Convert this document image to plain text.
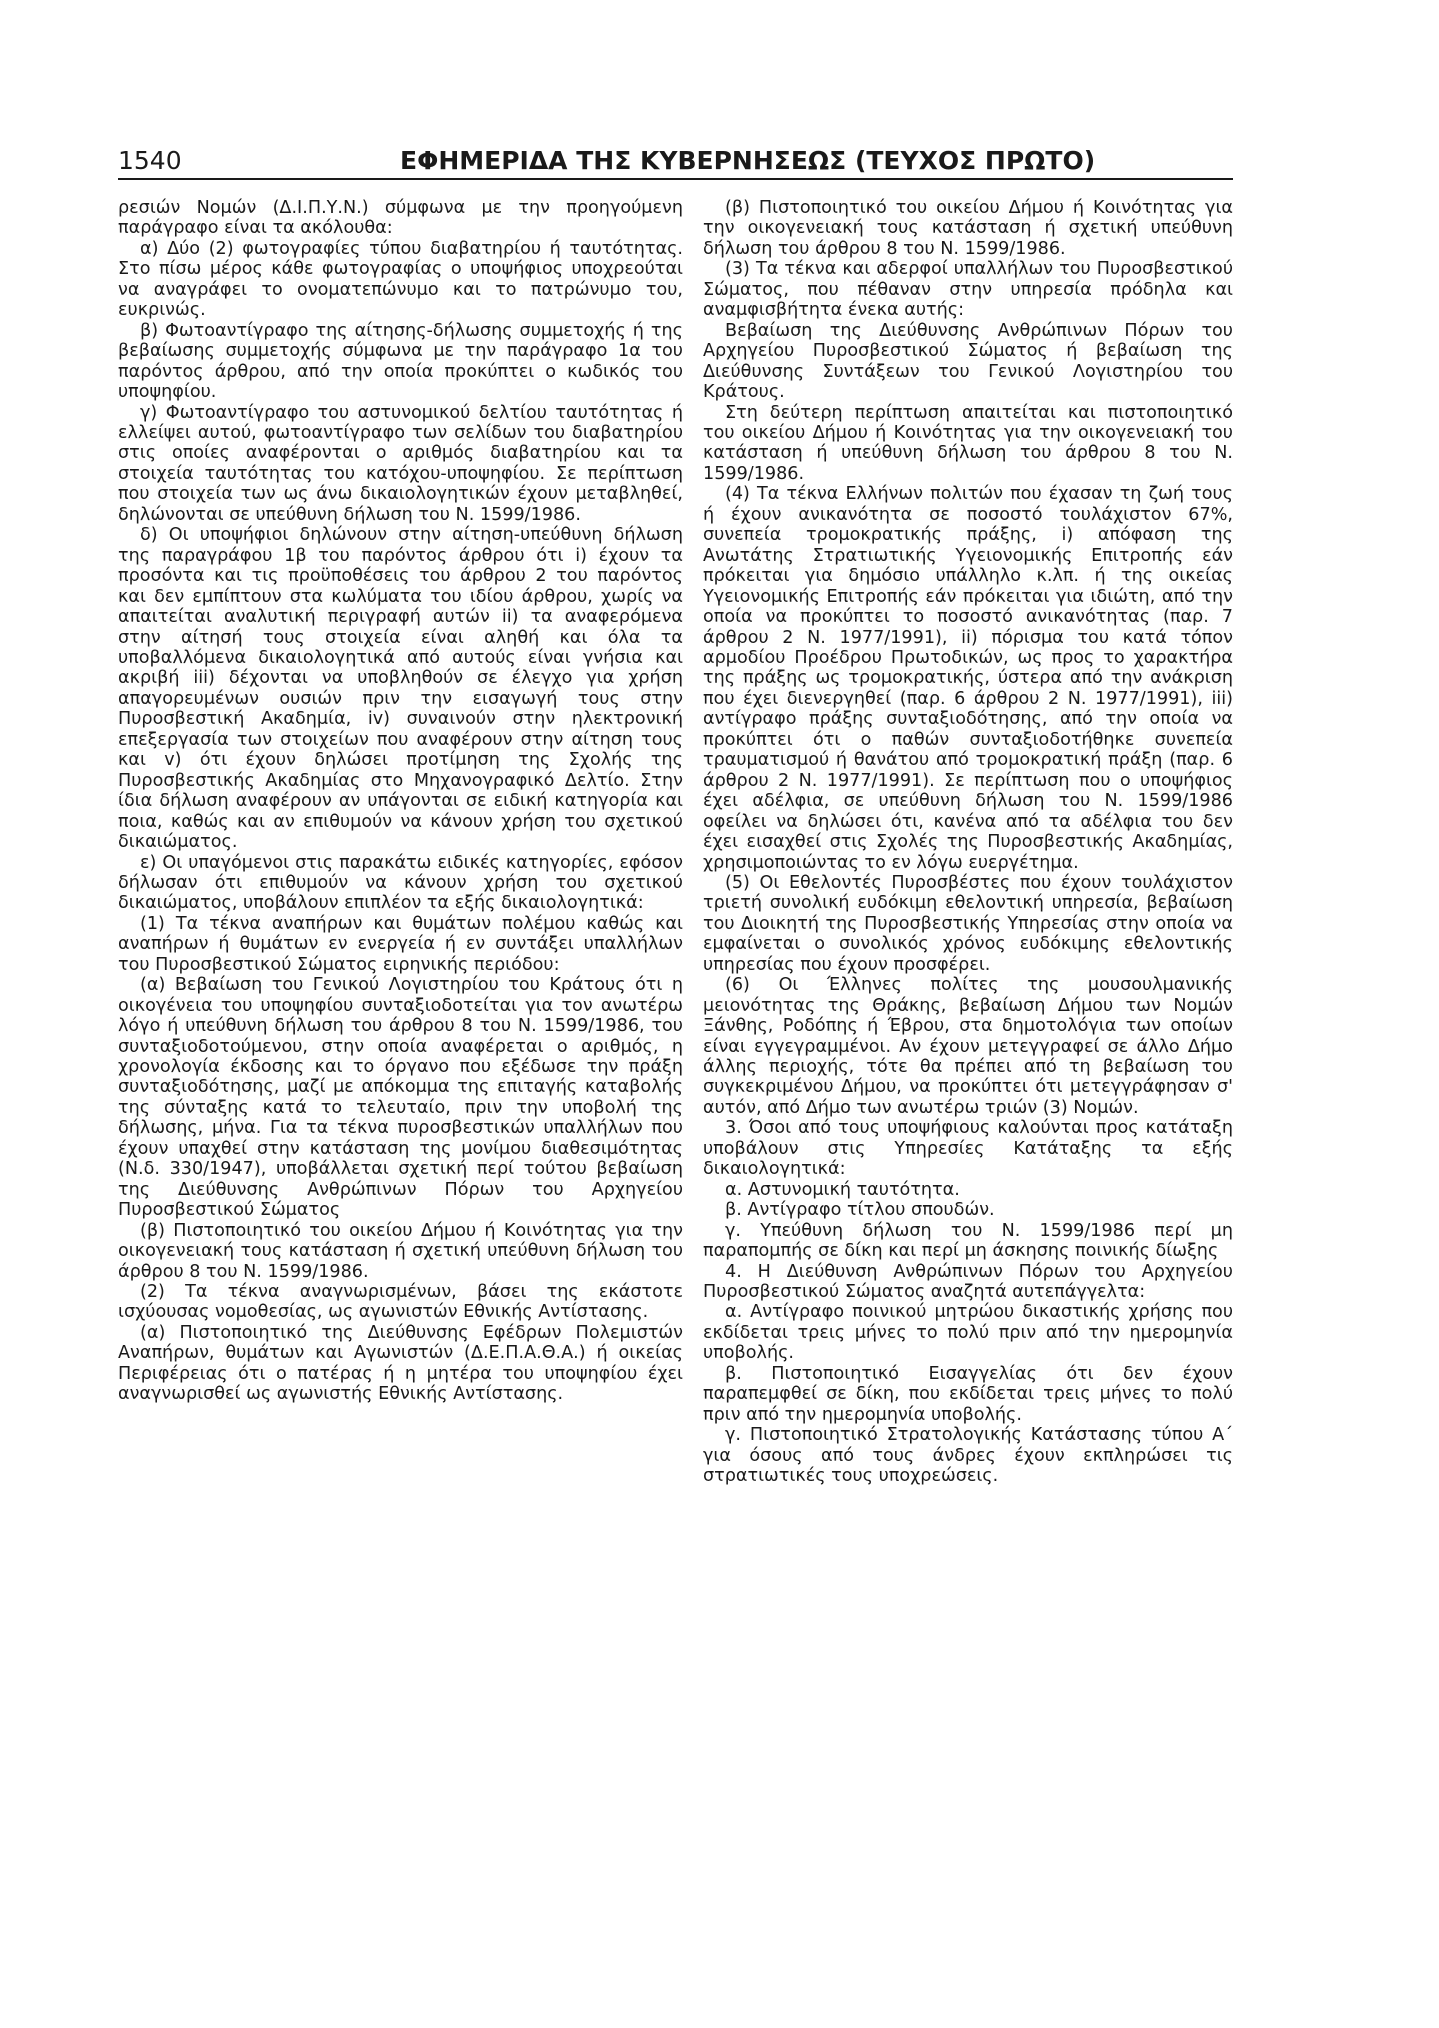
1540	ΕΦΗΜΕΡΙΔΑ ΤΗΣ ΚΥΒΕΡΝΗΣΕΩΣ (ΤΕΥΧΟΣ ΠΡΩΤΟ)

ρεσιών Νομών (Δ.Ι.Π.Υ.Ν.) σύμφωνα με την προηγούμενη παράγραφο είναι τα ακόλουθα:

α) Δύο (2) φωτογραφίες τύπου διαβατηρίου ή ταυτότητας. Στο πίσω μέρος κάθε φωτογραφίας ο υποψήφιος υποχρεούται να αναγράφει το ονοματεπώνυμο και το πατρώνυμο του, ευκρινώς.

β) Φωτοαντίγραφο της αίτησης-δήλωσης συμμετοχής ή της βεβαίωσης συμμετοχής σύμφωνα με την παράγραφο 1α του παρόντος άρθρου, από την οποία προκύπτει ο κωδικός του υποψηφίου.

γ) Φωτοαντίγραφο του αστυνομικού δελτίου ταυτότητας ή ελλείψει αυτού, φωτοαντίγραφο των σελίδων του διαβατηρίου στις οποίες αναφέρονται ο αριθμός διαβατηρίου και τα στοιχεία ταυτότητας του κατόχου-υποψηφίου. Σε περίπτωση που στοιχεία των ως άνω δικαιολογητικών έχουν μεταβληθεί, δηλώνονται σε υπεύθυνη δήλωση του Ν. 1599/1986.

δ) Οι υποψήφιοι δηλώνουν στην αίτηση-υπεύθυνη δήλωση της παραγράφου 1β του παρόντος άρθρου ότι i) έχουν τα προσόντα και τις προϋποθέσεις του άρθρου 2 του παρόντος και δεν εμπίπτουν στα κωλύματα του ιδίου άρθρου, χωρίς να απαιτείται αναλυτική περιγραφή αυτών ii) τα αναφερόμενα στην αίτησή τους στοιχεία είναι αληθή και όλα τα υποβαλλόμενα δικαιολογητικά από αυτούς είναι γνήσια και ακριβή iii) δέχονται να υποβληθούν σε έλεγχο για χρήση απαγορευμένων ουσιών πριν την εισαγωγή τους στην Πυροσβεστική Ακαδημία, iv) συναινούν στην ηλεκτρονική επεξεργασία των στοιχείων που αναφέρουν στην αίτηση τους και v) ότι έχουν δηλώσει προτίμηση της Σχολής της Πυροσβεστικής Ακαδημίας στο Μηχανογραφικό Δελτίο. Στην ίδια δήλωση αναφέρουν αν υπάγονται σε ειδική κατηγορία και ποια, καθώς και αν επιθυμούν να κάνουν χρήση του σχετικού δικαιώματος.

ε) Οι υπαγόμενοι στις παρακάτω ειδικές κατηγορίες, εφόσον δήλωσαν ότι επιθυμούν να κάνουν χρήση του σχετικού δικαιώματος, υποβάλουν επιπλέον τα εξής δικαιολογητικά:

(1) Τα τέκνα αναπήρων και θυμάτων πολέμου καθώς και αναπήρων ή θυμάτων εν ενεργεία ή εν συντάξει υπαλλήλων του Πυροσβεστικού Σώματος ειρηνικής περιόδου:

(α) Βεβαίωση του Γενικού Λογιστηρίου του Κράτους ότι η οικογένεια του υποψηφίου συνταξιοδοτείται για τον ανωτέρω λόγο ή υπεύθυνη δήλωση του άρθρου 8 του Ν. 1599/1986, του συνταξιοδοτούμενου, στην οποία αναφέρεται ο αριθμός, η χρονολογία έκδοσης και το όργανο που εξέδωσε την πράξη συνταξιοδότησης, μαζί με απόκομμα της επιταγής καταβολής της σύνταξης κατά το τελευταίο, πριν την υποβολή της δήλωσης, μήνα. Για τα τέκνα πυροσβεστικών υπαλλήλων που έχουν υπαχθεί στην κατάσταση της μονίμου διαθεσιμότητας (Ν.δ. 330/1947), υποβάλλεται σχετική περί τούτου βεβαίωση της Διεύθυνσης Ανθρώπινων Πόρων του Αρχηγείου Πυροσβεστικού Σώματος

(β) Πιστοποιητικό του οικείου Δήμου ή Κοινότητας για την οικογενειακή τους κατάσταση ή σχετική υπεύθυνη δήλωση του άρθρου 8 του Ν. 1599/1986.

(2) Τα τέκνα αναγνωρισμένων, βάσει της εκάστοτε ισχύουσας νομοθεσίας, ως αγωνιστών Εθνικής Αντίστασης.

(α) Πιστοποιητικό της Διεύθυνσης Εφέδρων Πολεμιστών Αναπήρων, θυμάτων και Αγωνιστών (Δ.Ε.Π.Α.Θ.Α.) ή οικείας Περιφέρειας ότι ο πατέρας ή η μητέρα του υποψηφίου έχει αναγνωρισθεί ως αγωνιστής Εθνικής Αντίστασης.

(β) Πιστοποιητικό του οικείου Δήμου ή Κοινότητας για την οικογενειακή τους κατάσταση ή σχετική υπεύθυνη δήλωση του άρθρου 8 του Ν. 1599/1986.

(3) Τα τέκνα και αδερφοί υπαλλήλων του Πυροσβεστικού Σώματος, που πέθαναν στην υπηρεσία πρόδηλα και αναμφισβήτητα ένεκα αυτής:

Βεβαίωση της Διεύθυνσης Ανθρώπινων Πόρων του Αρχηγείου Πυροσβεστικού Σώματος ή βεβαίωση της Διεύθυνσης Συντάξεων του Γενικού Λογιστηρίου του Κράτους.

Στη δεύτερη περίπτωση απαιτείται και πιστοποιητικό του οικείου Δήμου ή Κοινότητας για την οικογενειακή του κατάσταση ή υπεύθυνη δήλωση του άρθρου 8 του Ν. 1599/1986.

(4) Τα τέκνα Ελλήνων πολιτών που έχασαν τη ζωή τους ή έχουν ανικανότητα σε ποσοστό τουλάχιστον 67%, συνεπεία τρομοκρατικής πράξης, i) απόφαση της Ανωτάτης Στρατιωτικής Υγειονομικής Επιτροπής εάν πρόκειται για δημόσιο υπάλληλο κ.λπ. ή της οικείας Υγειονομικής Επιτροπής εάν πρόκειται για ιδιώτη, από την οποία να προκύπτει το ποσοστό ανικανότητας (παρ. 7 άρθρου 2 Ν. 1977/1991), ii) πόρισμα του κατά τόπον αρμοδίου Προέδρου Πρωτοδικών, ως προς το χαρακτήρα της πράξης ως τρομοκρατικής, ύστερα από την ανάκριση που έχει διενεργηθεί (παρ. 6 άρθρου 2 Ν. 1977/1991), iii) αντίγραφο πράξης συνταξιοδότησης, από την οποία να προκύπτει ότι ο παθών συνταξιοδοτήθηκε συνεπεία τραυματισμού ή θανάτου από τρομοκρατική πράξη (παρ. 6 άρθρου 2 Ν. 1977/1991). Σε περίπτωση που ο υποψήφιος έχει αδέλφια, σε υπεύθυνη δήλωση του Ν. 1599/1986 οφείλει να δηλώσει ότι, κανένα από τα αδέλφια του δεν έχει εισαχθεί στις Σχολές της Πυροσβεστικής Ακαδημίας, χρησιμοποιώντας το εν λόγω ευεργέτημα.

(5) Οι Εθελοντές Πυροσβέστες που έχουν τουλάχιστον τριετή συνολική ευδόκιμη εθελοντική υπηρεσία, βεβαίωση του Διοικητή της Πυροσβεστικής Υπηρεσίας στην οποία να εμφαίνεται ο συνολικός χρόνος ευδόκιμης εθελοντικής υπηρεσίας που έχουν προσφέρει.

(6) Οι Έλληνες πολίτες της μουσουλμανικής μειονότητας της Θράκης, βεβαίωση Δήμου των Νομών Ξάνθης, Ροδόπης ή Έβρου, στα δημοτολόγια των οποίων είναι εγγεγραμμένοι. Αν έχουν μετεγγραφεί σε άλλο Δήμο άλλης περιοχής, τότε θα πρέπει από τη βεβαίωση του συγκεκριμένου Δήμου, να προκύπτει ότι μετεγγράφησαν σ' αυτόν, από Δήμο των ανωτέρω τριών (3) Νομών.

3. Όσοι από τους υποψήφιους καλούνται προς κατάταξη υποβάλουν στις Υπηρεσίες Κατάταξης τα εξής δικαιολογητικά:

α. Αστυνομική ταυτότητα.

β. Αντίγραφο τίτλου σπουδών.

γ. Υπεύθυνη δήλωση του Ν. 1599/1986 περί μη παραπομπής σε δίκη και περί μη άσκησης ποινικής δίωξης

4. Η Διεύθυνση Ανθρώπινων Πόρων του Αρχηγείου Πυροσβεστικού Σώματος αναζητά αυτεπάγγελτα:

α. Αντίγραφο ποινικού μητρώου δικαστικής χρήσης που εκδίδεται τρεις μήνες το πολύ πριν από την ημερομηνία υποβολής.

β. Πιστοποιητικό Εισαγγελίας ότι δεν έχουν παραπεμφθεί σε δίκη, που εκδίδεται τρεις μήνες το πολύ πριν από την ημερομηνία υποβολής.

γ. Πιστοποιητικό Στρατολογικής Κατάστασης τύπου Α΄ για όσους από τους άνδρες έχουν εκπληρώσει τις στρατιωτικές τους υποχρεώσεις.
